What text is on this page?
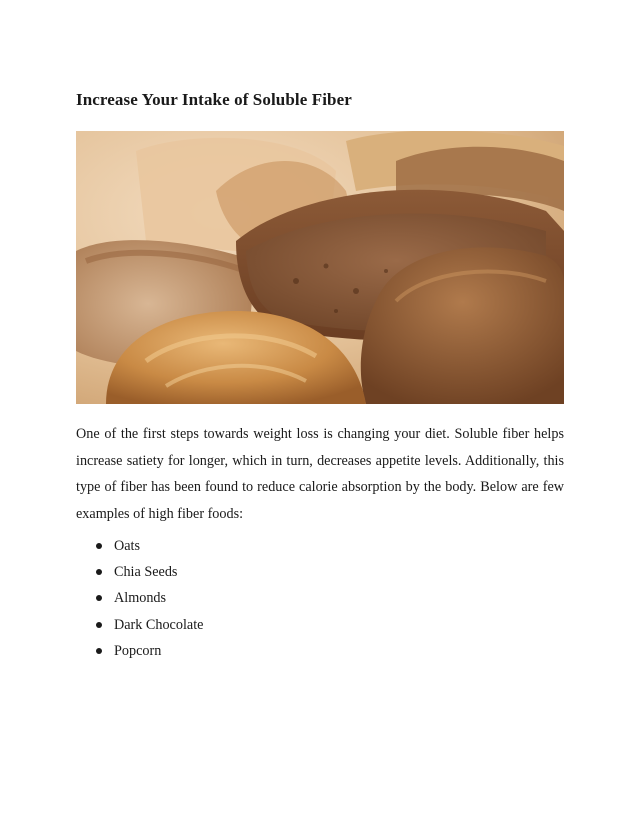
Increase Your Intake of Soluble Fiber

One of the first steps towards weight loss is changing your diet. Soluble fiber helps increase satiety for longer, which in turn, decreases appetite levels. Additionally, this type of fiber has been found to reduce calorie absorption by the body. Below are few examples of high fiber foods:

Oats
Chia Seeds
Almonds
Dark Chocolate
Popcorn
